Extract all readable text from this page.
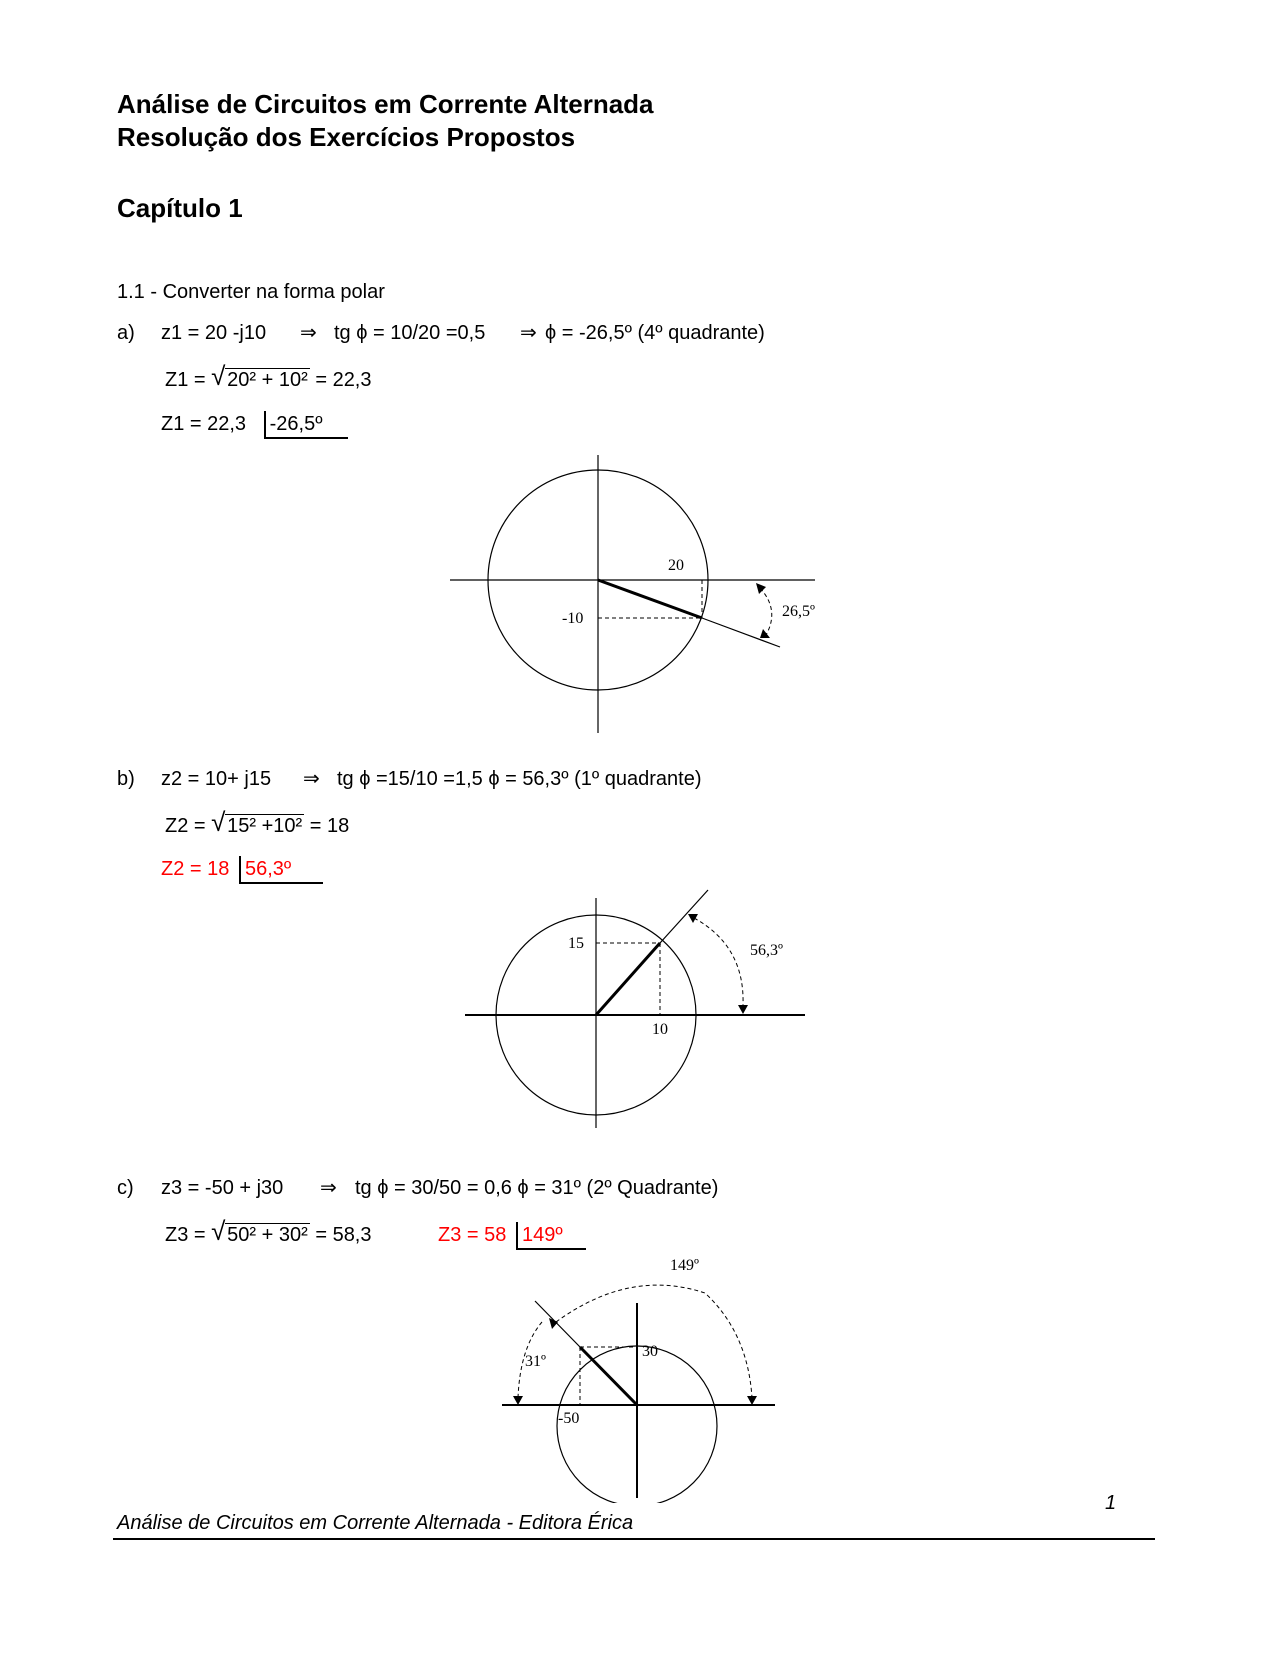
Análise de Circuitos em Corrente Alternada
Resolução dos Exercícios Propostos
Capítulo 1
1.1 - Converter na forma polar
a) z1 = 20 -j10 ⇒ tg ϕ = 10/20 =0,5 ⇒ ϕ = -26,5º (4º quadrante)
Z1 = √ 20² + 10² = 22,3
Z1 = 22,3 -26,5º
20
-10	26,5º
b) z2 = 10+ j15 ⇒ tg ϕ =15/10 =1,5 ϕ = 56,3º (1º quadrante)
Z2 = √ 15² +10² = 18
Z2 = 18 56,3º
15
10
56,3º
c) z3 = -50 + j30 ⇒ tg ϕ = 30/50 = 0,6 ϕ = 31º (2º Quadrante)
Z3 = √ 50² + 30² = 58,3	Z3 = 58 149º
30
-50
31º
149º
Análise de Circuitos em Corrente Alternada - Editora Érica
1
